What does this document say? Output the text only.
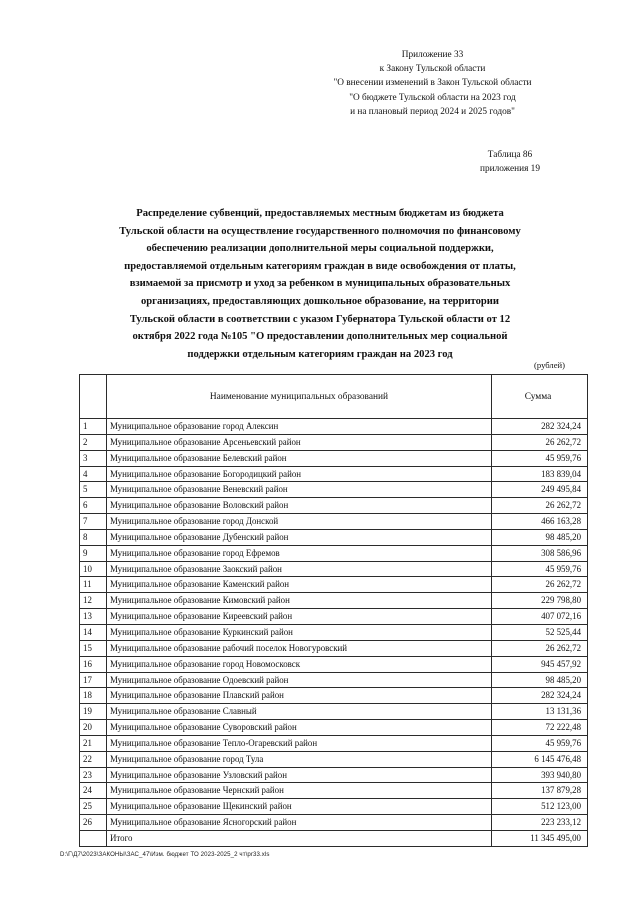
Приложение 33
к Закону Тульской области
"О внесении изменений в Закон Тульской области
"О бюджете Тульской области на 2023 год
и на плановый период 2024 и 2025 годов"
Таблица 86
приложения 19
Распределение субвенций, предоставляемых местным бюджетам из бюджета
Тульской области на осуществление государственного полномочия по финансовому
обеспечению реализации дополнительной меры социальной поддержки,
предоставляемой отдельным категориям граждан в виде освобождения от платы,
взимаемой за присмотр и уход за ребенком в муниципальных образовательных
организациях, предоставляющих дошкольное образование, на территории
Тульской области в соответствии с указом Губернатора Тульской области от 12
октября 2022 года №105 "О предоставлении дополнительных мер социальной
поддержки отдельным категориям граждан на 2023 год
(рублей)
	Наименование муниципальных образований	Сумма
1	Муниципальное образование город Алексин	282 324,24
2	Муниципальное образование Арсеньевский район	26 262,72
3	Муниципальное образование Белевский район	45 959,76
4	Муниципальное образование Богородицкий район	183 839,04
5	Муниципальное образование Веневский район	249 495,84
6	Муниципальное образование Воловский район	26 262,72
7	Муниципальное образование город Донской	466 163,28
8	Муниципальное образование Дубенский район	98 485,20
9	Муниципальное образование город Ефремов	308 586,96
10	Муниципальное образование Заокский район	45 959,76
11	Муниципальное образование Каменский район	26 262,72
12	Муниципальное образование Кимовский район	229 798,80
13	Муниципальное образование Киреевский район	407 072,16
14	Муниципальное образование Куркинский район	52 525,44
15	Муниципальное образование рабочий поселок Новогуровский	26 262,72
16	Муниципальное образование город Новомосковск	945 457,92
17	Муниципальное образование Одоевский район	98 485,20
18	Муниципальное образование Плавский район	282 324,24
19	Муниципальное образование Славный	13 131,36
20	Муниципальное образование Суворовский район	72 222,48
21	Муниципальное образование Тепло-Огаревский район	45 959,76
22	Муниципальное образование город Тула	6 145 476,48
23	Муниципальное образование Узловский район	393 940,80
24	Муниципальное образование Чернский район	137 879,28
25	Муниципальное образование Щекинский район	512 123,00
26	Муниципальное образование Ясногорский район	223 233,12
	Итого	11 345 495,00
D:\Г\Д7\2023\ЗАКОНЫ\ЗАС_47\Изм. бюджет ТО 2023-2025_2 чт\pr33.xls
